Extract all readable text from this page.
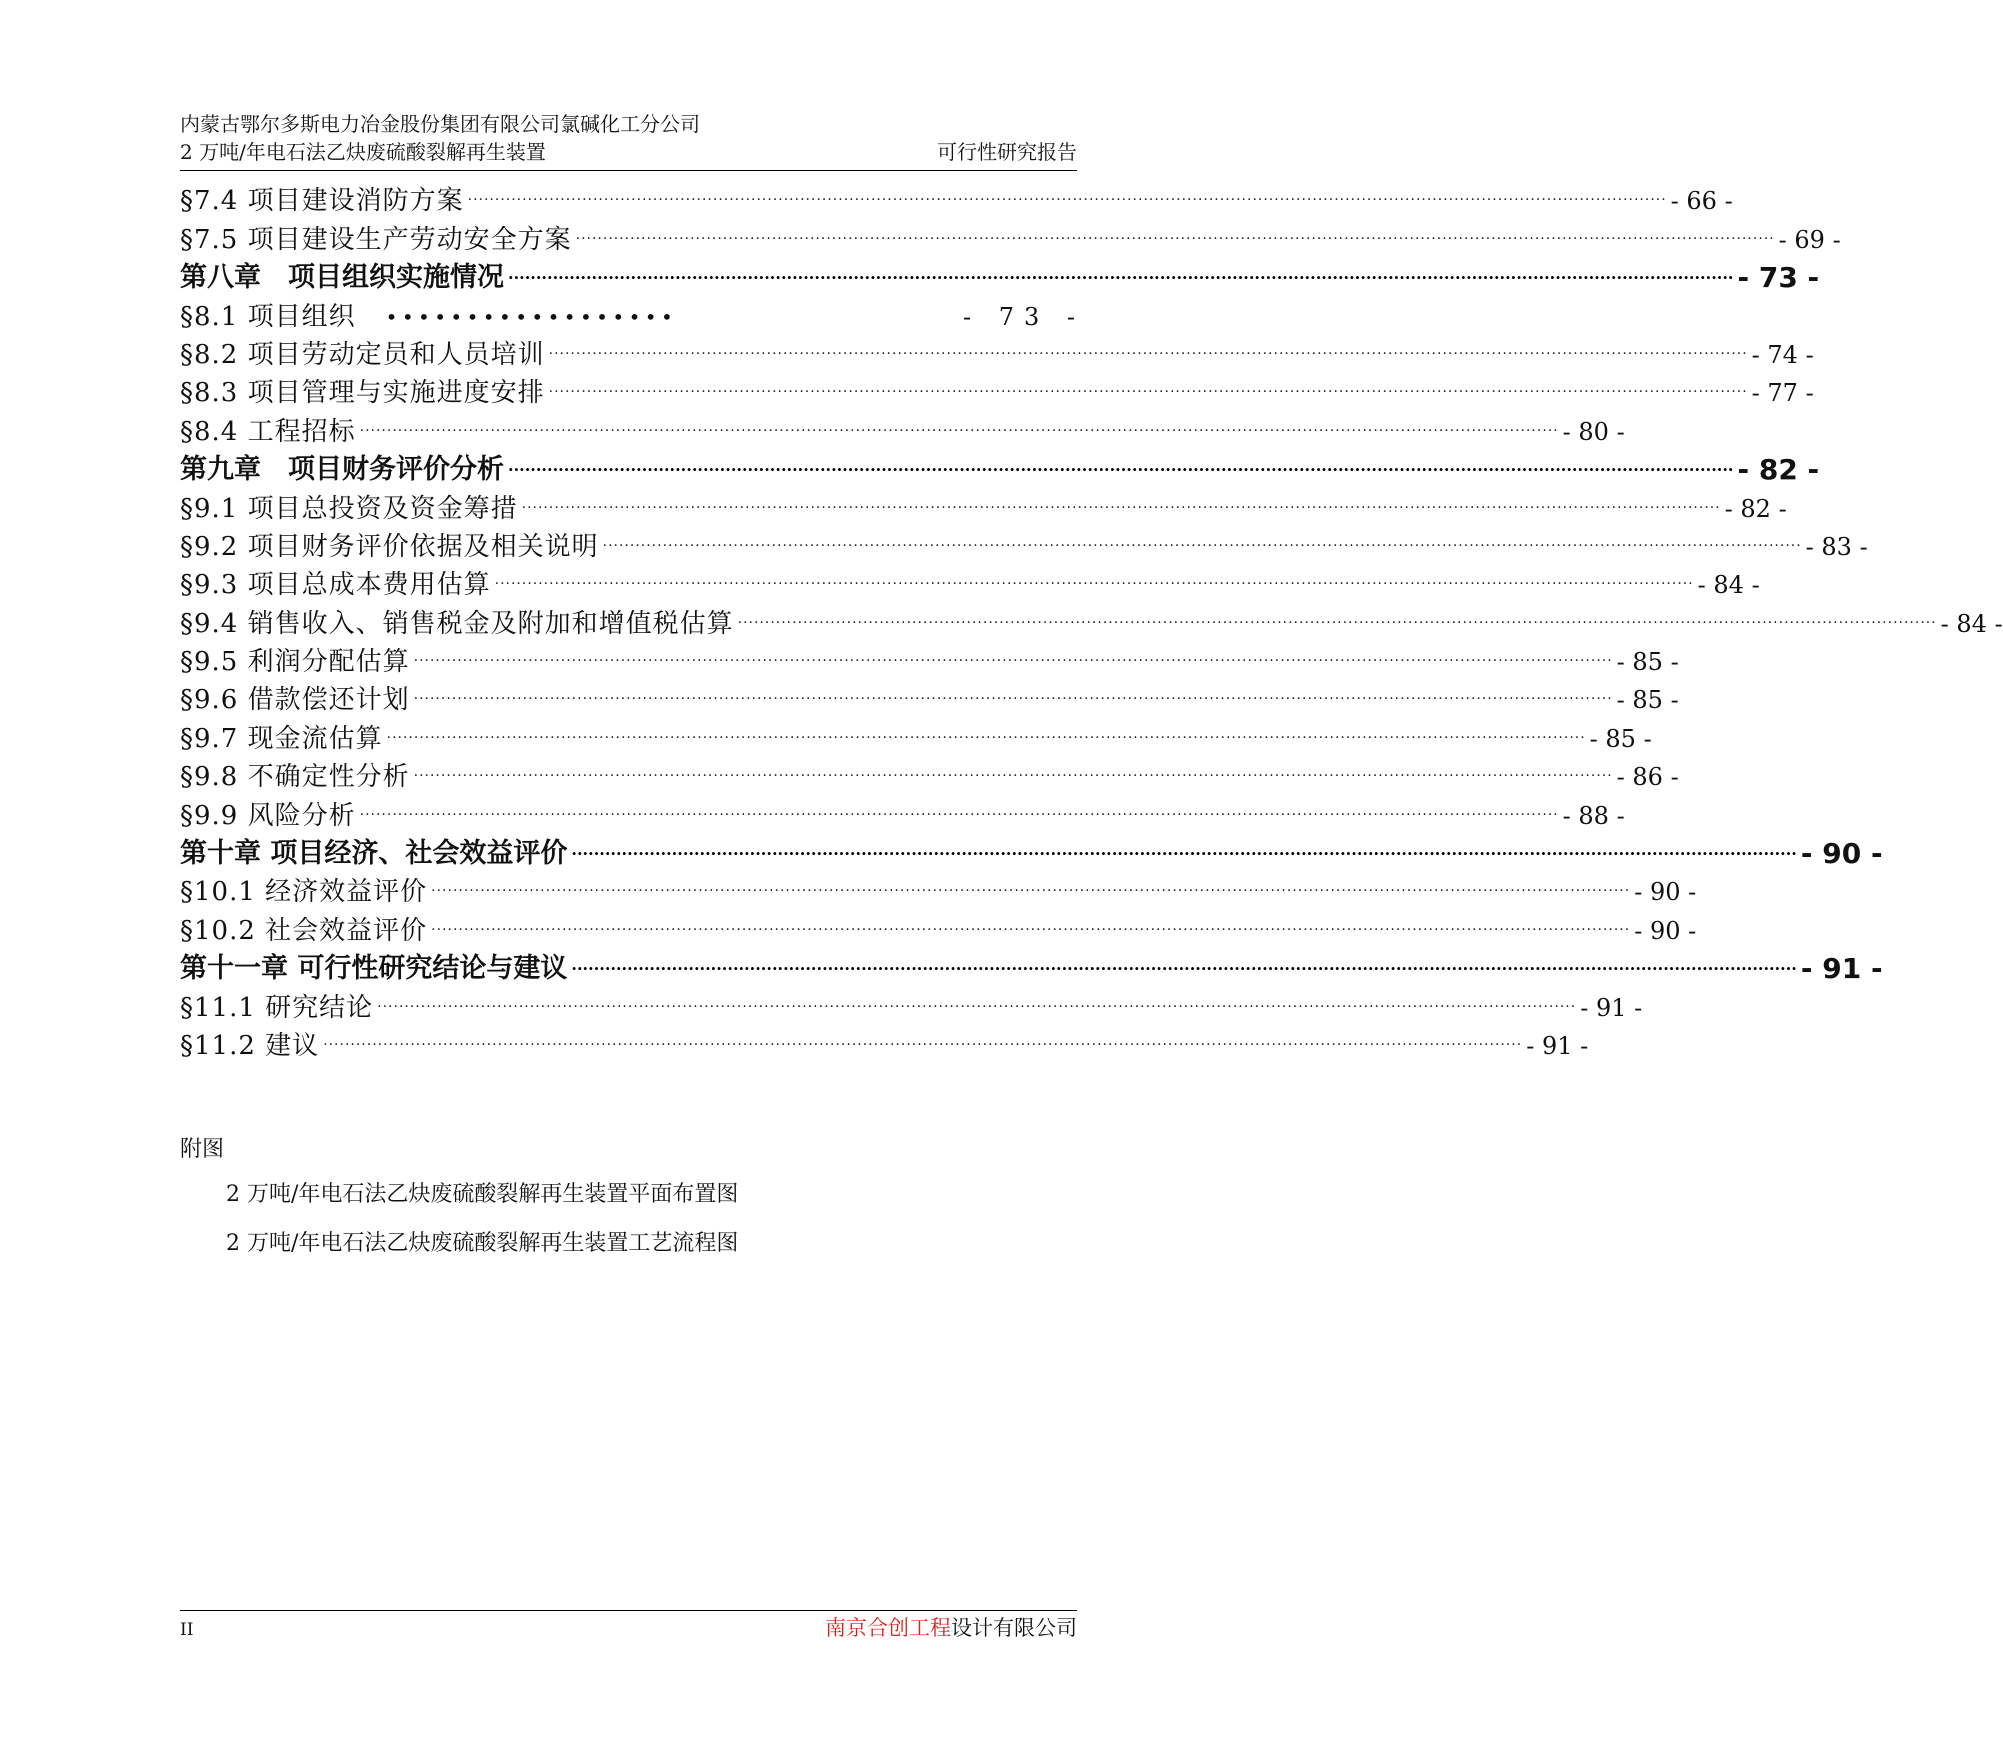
内蒙古鄂尔多斯电力冶金股份集团有限公司氯碱化工分公司
2 万吨/年电石法乙炔废硫酸裂解再生装置	可行性研究报告
§7.4 项目建设消防方案 ···························································································································································································································· - 66 -
§7.5 项目建设生产劳动安全方案 ···························································································································································································································· - 69 -
第八章　项目组织实施情况 ···························································································································································································································· - 73 -
§8.1 项目组织 ••••••••••••••••••	- 73 -
§8.2 项目劳动定员和人员培训 ···························································································································································································································· - 74 -
§8.3 项目管理与实施进度安排 ···························································································································································································································· - 77 -
§8.4 工程招标 ···························································································································································································································· - 80 -
第九章　项目财务评价分析 ···························································································································································································································· - 82 -
§9.1 项目总投资及资金筹措 ···························································································································································································································· - 82 -
§9.2 项目财务评价依据及相关说明 ···························································································································································································································· - 83 -
§9.3 项目总成本费用估算 ···························································································································································································································· - 84 -
§9.4 销售收入、销售税金及附加和增值税估算 ···························································································································································································································· - 84 -
§9.5 利润分配估算 ···························································································································································································································· - 85 -
§9.6 借款偿还计划 ···························································································································································································································· - 85 -
§9.7 现金流估算 ···························································································································································································································· - 85 -
§9.8 不确定性分析 ···························································································································································································································· - 86 -
§9.9 风险分析 ···························································································································································································································· - 88 -
第十章 项目经济、社会效益评价 ···························································································································································································································· - 90 -
§10.1 经济效益评价 ···························································································································································································································· - 90 -
§10.2 社会效益评价 ···························································································································································································································· - 90 -
第十一章 可行性研究结论与建议 ···························································································································································································································· - 91 -
§11.1 研究结论 ···························································································································································································································· - 91 -
§11.2 建议 ···························································································································································································································· - 91 -
附图
2 万吨/年电石法乙炔废硫酸裂解再生装置平面布置图
2 万吨/年电石法乙炔废硫酸裂解再生装置工艺流程图
II	南京合创工程设计有限公司
